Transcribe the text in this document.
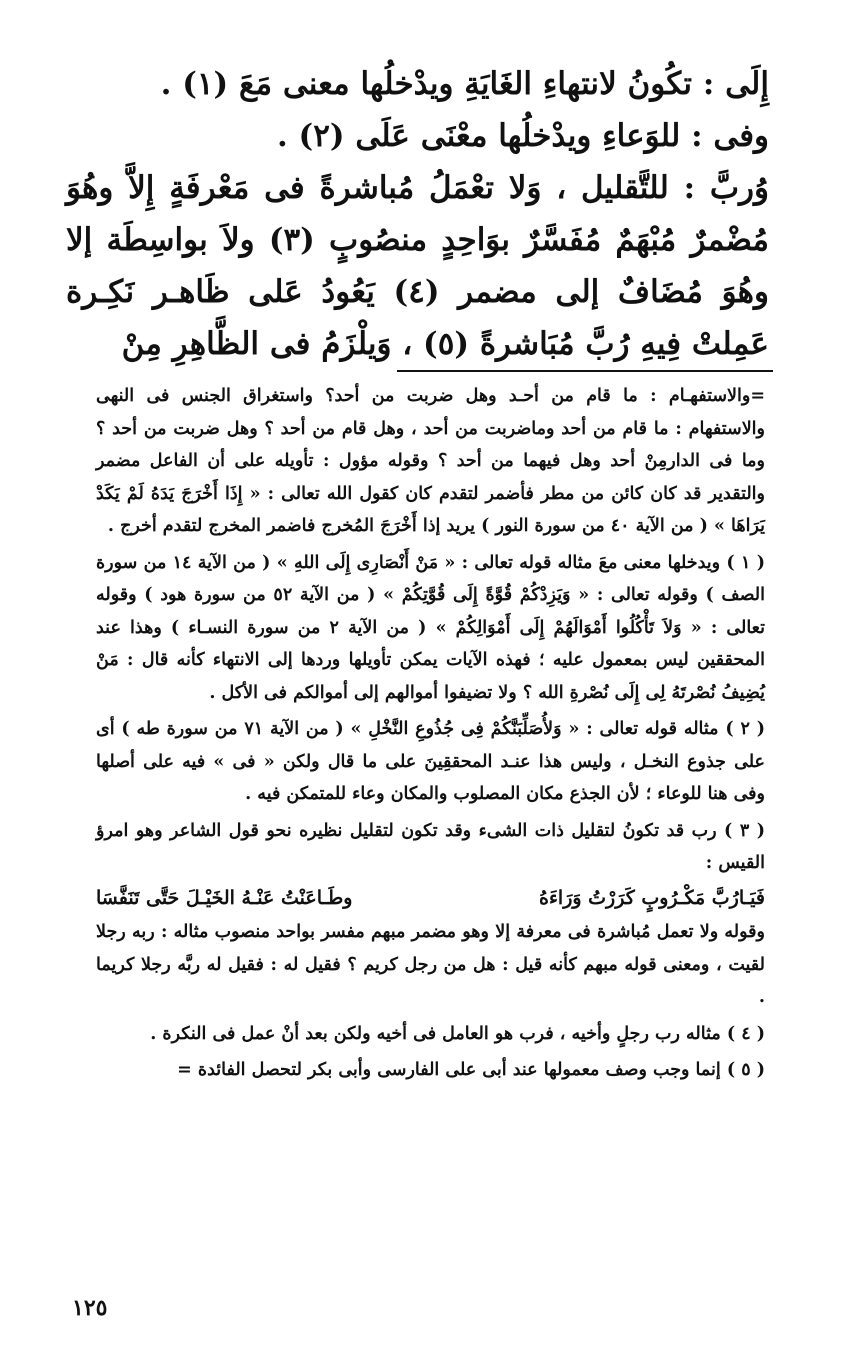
إِلَى : تكُونُ لانتهاءِ الغَايَةِ ويدْخلُها معنى مَعَ (١) .

وفى : للوَعاءِ ويدْخلُها معْنَى عَلَى (٢) .

وُربَّ : للتَّقليل ، وَلا تعْمَلُ مُباشرةً فى مَعْرفَةٍ إِلاَّ وهُوَ مُضْمرٌ مُبْهَمٌ مُفَسَّرٌ بوَاحِدٍ منصُوبٍ (٣) ولاَ بواسِطَة إلا وهُوَ مُضَافٌ إلى مضمر (٤) يَعُودُ عَلى ظَاهـر نَكِـرة عَمِلتْ فِيهِ رُبَّ مُبَاشرةً (٥) ، وَيلْزَمُ فى الظَّاهِرِ مِنْ

=والاستفهـام : ما قام من أحـد وهل ضربت من أحد؟ واستغراق الجنس فى النهى والاستفهام : ما قام من أحد وماضربت من أحد ، وهل قام من أحد ؟ وهل ضربت من أحد ؟ وما فى الدارمِنْ أحد وهل فيهما من أحد ؟ وقوله مؤول : تأويله على أن الفاعل مضمر والتقدير قد كان كائن من مطر فأضمر لتقدم كان كقول الله تعالى : « إِذَا أَخْرَجَ يَدَهُ لَمْ يَكَدْ يَرَاهَا » ( من الآية ٤٠ من سورة النور ) يريد إذا أَخْرَجَ المُخرج فاضمر المخرج لتقدم أخرج .

( ١ ) ويدخلها معنى معَ مثاله قوله تعالى : « مَنْ أَنْصَارِى إِلَى اللهِ » ( من الآية ١٤ من سورة الصف ) وقوله تعالى : « وَيَزِدْكُمْ قُوَّةً إِلَى قُوَّتِكُمْ » ( من الآية ٥٢ من سورة هود ) وقوله تعالى : « وَلاَ تَأْكُلُوا أَمْوَالَهُمْ إِلَى أَمْوَالِكُمْ » ( من الآية ٢ من سورة النسـاء ) وهذا عند المحققين ليس بمعمول عليه ؛ فهذه الآيات يمكن تأويلها وردها إلى الانتهاء كأنه قال : مَنْ يُضِيفُ نُصْرتَهُ لِى إِلَى نُصْرةِ الله ؟ ولا تضيفوا أموالهم إلى أموالكم فى الأكل .

( ٢ ) مثاله قوله تعالى : « وَلأُصَلِّبَنَّكُمْ فِى جُذُوعِ النَّخْلِ » ( من الآية ٧١ من سورة طه ) أى على جذوع النخـل ، وليس هذا عنـد المحققِينَ على ما قال ولكن « فى » فيه على أصلها وفى هنا للوعاء ؛ لأن الجذع مكان المصلوب والمكان وعاء للمتمكن فيه .

( ٣ ) رب قد تكونُ لتقليل ذات الشىء وقد تكون لتقليل نظيره نحو قول الشاعر وهو امرؤ القيس :

فَيَـارُبَّ مَكْـرُوبٍ كَرَرْتُ وَرَاءَهُ
وطَـاعَنْتُ عَنْـهُ الخَيْـلَ حَتَّى تَنَفَّسَا

وقوله ولا تعمل مُباشرة فى معرفة إلا وهو مضمر مبهم مفسر بواحد منصوب مثاله : ربه رجلا لقيت ، ومعنى قوله مبهم كأنه قيل : هل من رجل كريم ؟ فقيل له : فقيل له ربَّه رجلا كريما .

( ٤ ) مثاله رب رجلٍ وأخيه ، فرب هو العامل فى أخيه ولكن بعد أنْ عمل فى النكرة .

( ٥ ) إنما وجب وصف معمولها عند أبى على الفارسى وأبى بكر لتحصل الفائدة =

١٢٥
